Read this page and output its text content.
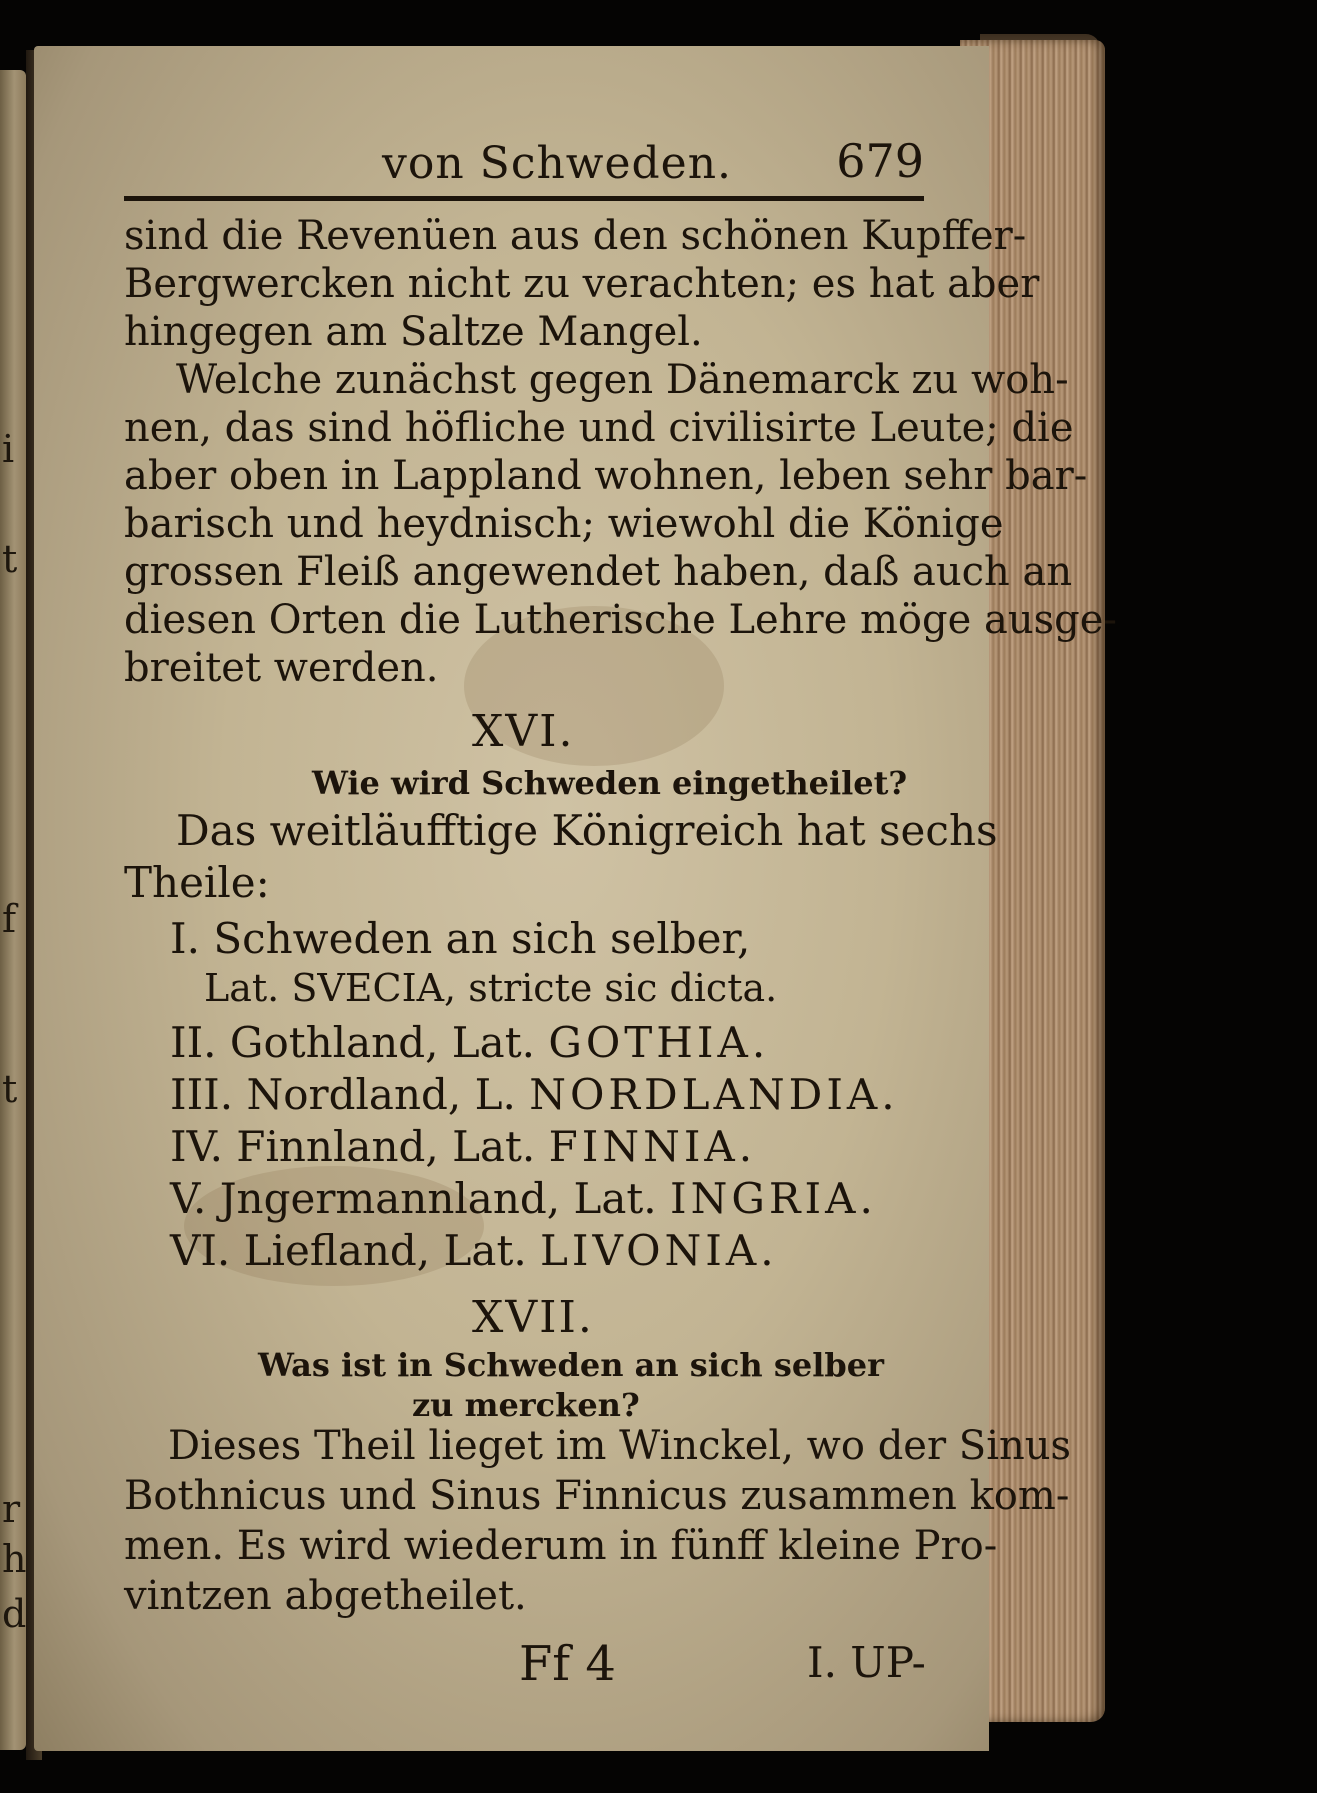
i
t
f
t
r
h
d
von Schweden. 679
sind die Revenüen aus den schönen Kupffer-
Bergwercken nicht zu verachten; es hat aber
hingegen am Saltze Mangel.
Welche zunächst gegen Dänemarck zu woh-
nen, das sind höfliche und civilisirte Leute; die
aber oben in Lappland wohnen, leben sehr bar-
barisch und heydnisch; wiewohl die Könige
grossen Fleiß angewendet haben, daß auch an
diesen Orten die Lutherische Lehre möge ausge-
breitet werden.
XVI.
Wie wird Schweden eingetheilet?
Das weitläufftige Königreich hat sechs
Theile:
I. Schweden an sich selber,
Lat. SVECIA, stricte sic dicta.
II. Gothland, Lat. GOTHIA.
III. Nordland, L. NORDLANDIA.
IV. Finnland, Lat. FINNIA.
V. Jngermannland, Lat. INGRIA.
VI. Liefland, Lat. LIVONIA.
XVII.
Was ist in Schweden an sich selber
zu mercken?
Dieses Theil lieget im Winckel, wo der Sinus
Bothnicus und Sinus Finnicus zusammen kom-
men. Es wird wiederum in fünff kleine Pro-
vintzen abgetheilet.
Ff 4	I. UP-
